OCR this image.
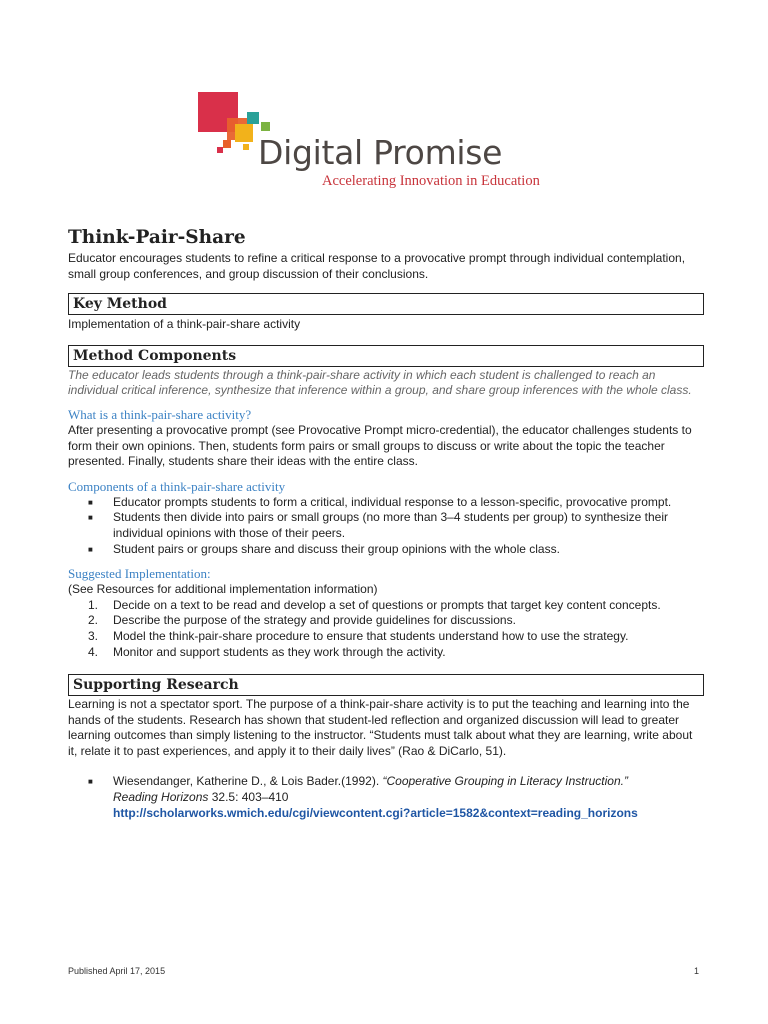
Digital Promise
Accelerating Innovation in Education
Think-Pair-Share

Educator encourages students to refine a critical response to a provocative prompt through individual contemplation, small group conferences, and group discussion of their conclusions.

Key Method

Implementation of a think-pair-share activity

Method Components

The educator leads students through a think-pair-share activity in which each student is challenged to reach an individual critical inference, synthesize that inference within a group, and share group inferences with the whole class.

What is a think-pair-share activity?

After presenting a provocative prompt (see Provocative Prompt micro-credential), the educator challenges students to form their own opinions. Then, students form pairs or small groups to discuss or write about the topic the teacher presented. Finally, students share their ideas with the entire class.

Components of a think-pair-share activity
■ Educator prompts students to form a critical, individual response to a lesson-specific, provocative prompt.
■ Students then divide into pairs or small groups (no more than 3–4 students per group) to synthesize their individual opinions with those of their peers.
■ Student pairs or groups share and discuss their group opinions with the whole class.
Suggested Implementation:

(See Resources for additional implementation information)

1. Decide on a text to be read and develop a set of questions or prompts that target key content concepts.
2. Describe the purpose of the strategy and provide guidelines for discussions.
3. Model the think-pair-share procedure to ensure that students understand how to use the strategy.
4. Monitor and support students as they work through the activity.
Supporting Research

Learning is not a spectator sport. The purpose of a think-pair-share activity is to put the teaching and learning into the hands of the students. Research has shown that student-led reflection and organized discussion will lead to greater learning outcomes than simply listening to the instructor. “Students must talk about what they are learning, write about it, relate it to past experiences, and apply it to their daily lives” (Rao & DiCarlo, 51).

■ Wiesendanger, Katherine D., & Lois Bader.(1992). “Cooperative Grouping in Literacy Instruction.”
Reading Horizons 32.5: 403–410
http://scholarworks.wmich.edu/cgi/viewcontent.cgi?article=1582&context=reading_horizons
Published April 17, 2015	1
